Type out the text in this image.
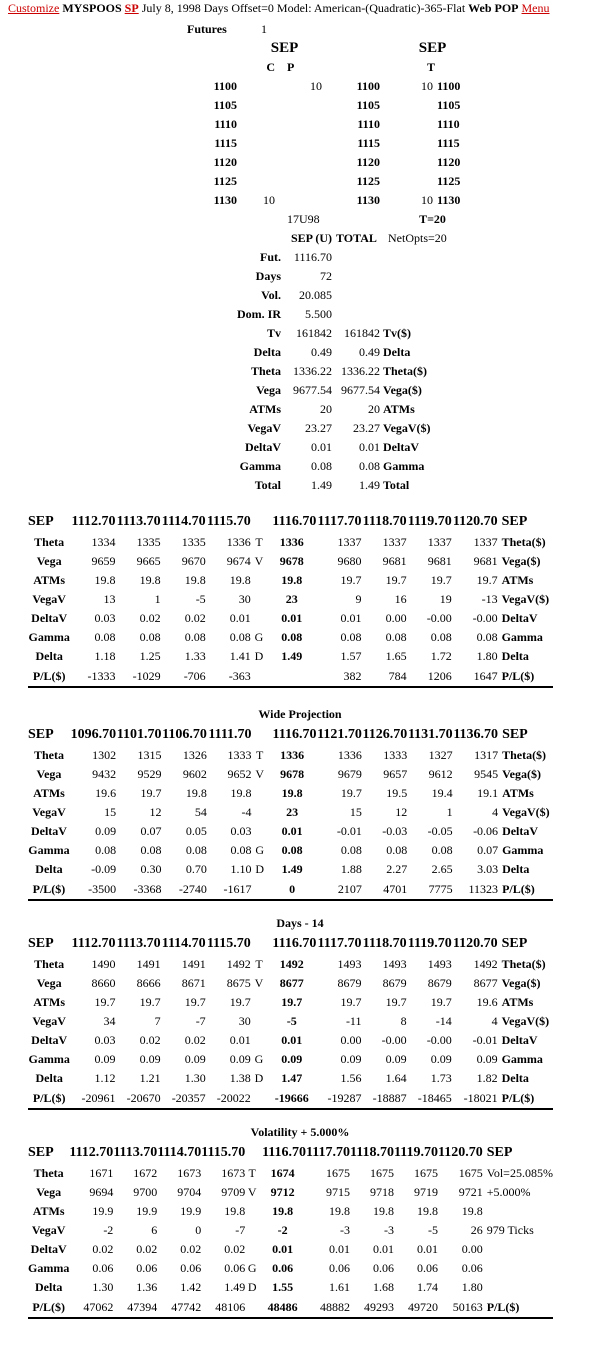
Customize MYSPOOS SP July 8, 1998 Days Offset=0 Model: American-(Quadratic)-365-Flat Web POP Menu
Futures	1					
	SEP			SEP		
	C	P		T		
1100		10	1100	10	1100	
1105			1105		1105	
1110			1110		1110	
1115			1115		1115	
1120			1120		1120	
1125			1125		1125	
1130	10		1130	10	1130	
		17U98		T=20		
	SEP (U)		TOTAL	NetOpts=20		
	Fut.	1116.70				
	Days	72				
	Vol.	20.085				
	Dom. IR	5.500				
	Tv	161842	161842	Tv($)		
	Delta	0.49	0.49	Delta		
	Theta	1336.22	1336.22	Theta($)		
	Vega	9677.54	9677.54	Vega($)		
	ATMs	20	20	ATMs		
	VegaV	23.27	23.27	VegaV($)		
	DeltaV	0.01	0.01	DeltaV		
	Gamma	0.08	0.08	Gamma		
	Total	1.49	1.49	Total		
SEP	1112.70	1113.70	1114.70	1115.70		1116.70	1117.70	1118.70	1119.70	1120.70	SEP
Theta	1334	1335	1335	1336	T	1336	1337	1337	1337	1337	Theta($)
Vega	9659	9665	9670	9674	V	9678	9680	9681	9681	9681	Vega($)
ATMs	19.8	19.8	19.8	19.8		19.8	19.7	19.7	19.7	19.7	ATMs
VegaV	13	1	-5	30		23	9	16	19	-13	VegaV($)
DeltaV	0.03	0.02	0.02	0.01		0.01	0.01	0.00	-0.00	-0.00	DeltaV
Gamma	0.08	0.08	0.08	0.08	G	0.08	0.08	0.08	0.08	0.08	Gamma
Delta	1.18	1.25	1.33	1.41	D	1.49	1.57	1.65	1.72	1.80	Delta
P/L($)	-1333	-1029	-706	-363			382	784	1206	1647	P/L($)
Wide Projection
SEP	1096.70	1101.70	1106.70	1111.70		1116.70	1121.70	1126.70	1131.70	1136.70	SEP
Theta	1302	1315	1326	1333	T	1336	1336	1333	1327	1317	Theta($)
Vega	9432	9529	9602	9652	V	9678	9679	9657	9612	9545	Vega($)
ATMs	19.6	19.7	19.8	19.8		19.8	19.7	19.5	19.4	19.1	ATMs
VegaV	15	12	54	-4		23	15	12	1	4	VegaV($)
DeltaV	0.09	0.07	0.05	0.03		0.01	-0.01	-0.03	-0.05	-0.06	DeltaV
Gamma	0.08	0.08	0.08	0.08	G	0.08	0.08	0.08	0.08	0.07	Gamma
Delta	-0.09	0.30	0.70	1.10	D	1.49	1.88	2.27	2.65	3.03	Delta
P/L($)	-3500	-3368	-2740	-1617		0	2107	4701	7775	11323	P/L($)
Days - 14
SEP	1112.70	1113.70	1114.70	1115.70		1116.70	1117.70	1118.70	1119.70	1120.70	SEP
Theta	1490	1491	1491	1492	T	1492	1493	1493	1493	1492	Theta($)
Vega	8660	8666	8671	8675	V	8677	8679	8679	8679	8677	Vega($)
ATMs	19.7	19.7	19.7	19.7		19.7	19.7	19.7	19.7	19.6	ATMs
VegaV	34	7	-7	30		-5	-11	8	-14	4	VegaV($)
DeltaV	0.03	0.02	0.02	0.01		0.01	0.00	-0.00	-0.00	-0.01	DeltaV
Gamma	0.09	0.09	0.09	0.09	G	0.09	0.09	0.09	0.09	0.09	Gamma
Delta	1.12	1.21	1.30	1.38	D	1.47	1.56	1.64	1.73	1.82	Delta
P/L($)	-20961	-20670	-20357	-20022		-19666	-19287	-18887	-18465	-18021	P/L($)
Volatility + 5.000%
SEP	1112.70	1113.70	1114.70	1115.70		1116.70	1117.70	1118.70	1119.70	1120.70	SEP
Theta	1671	1672	1673	1673	T	1674	1675	1675	1675	1675	Vol=25.085%
Vega	9694	9700	9704	9709	V	9712	9715	9718	9719	9721	+5.000%
ATMs	19.9	19.9	19.9	19.8		19.8	19.8	19.8	19.8	19.8	
VegaV	-2	6	0	-7		-2	-3	-3	-5	26	979 Ticks
DeltaV	0.02	0.02	0.02	0.02		0.01	0.01	0.01	0.01	0.00	
Gamma	0.06	0.06	0.06	0.06	G	0.06	0.06	0.06	0.06	0.06	
Delta	1.30	1.36	1.42	1.49	D	1.55	1.61	1.68	1.74	1.80	
P/L($)	47062	47394	47742	48106		48486	48882	49293	49720	50163	P/L($)
